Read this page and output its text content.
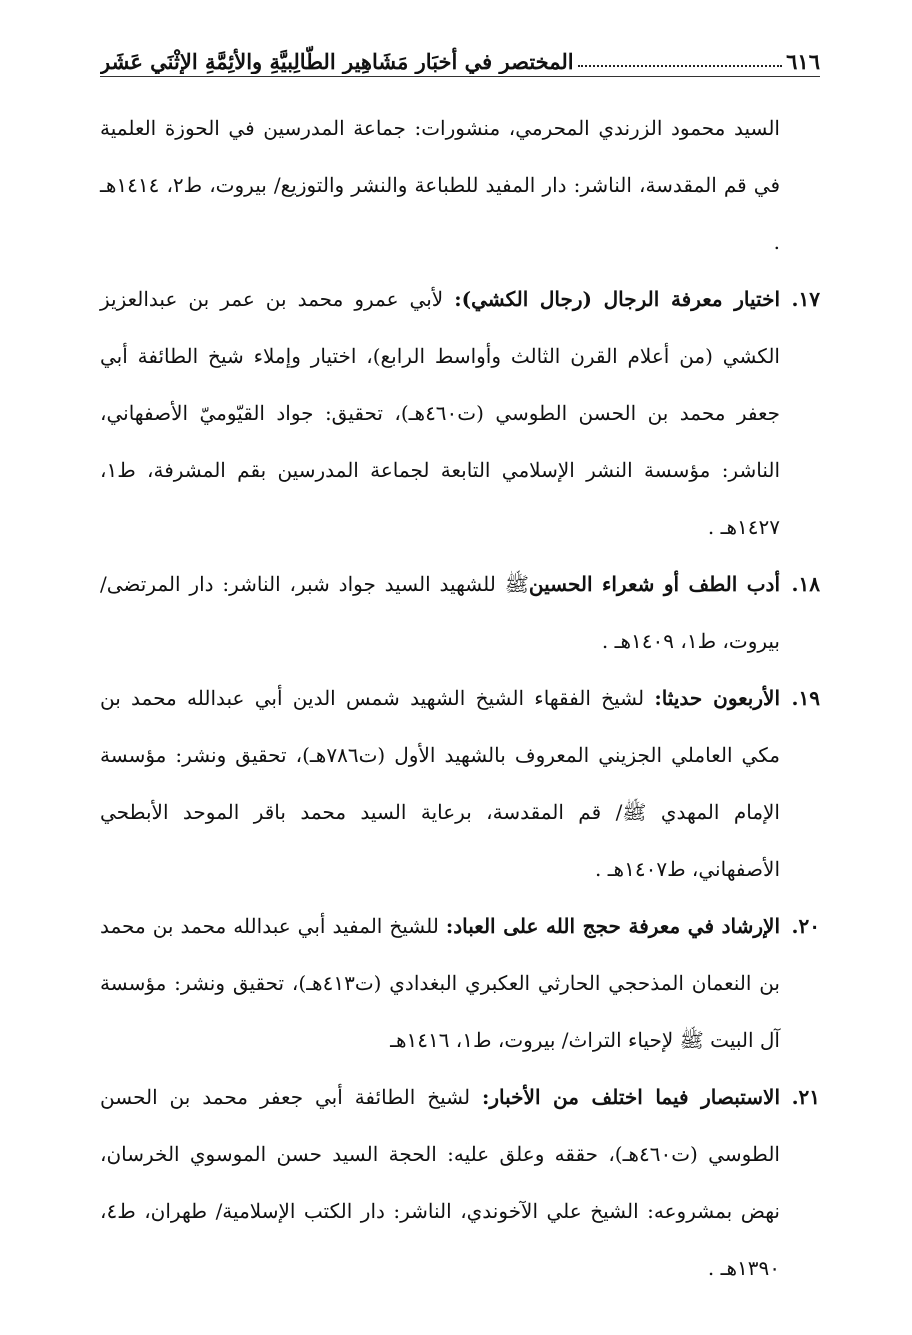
٦١٦
المختصر في أخبَارِ مَشَاهِيرِ الطّالِبيَّةِ والأئِمَّةِ الإثْنَي عَشَر

السيد محمود الزرندي المحرمي، منشورات: جماعة المدرسين في الحوزة العلمية في قم المقدسة، الناشر: دار المفيد للطباعة والنشر والتوزيع/ بيروت، ط٢، ١٤١٤هـ .

١٧.اختيار معرفة الرجال (رجال الكشي): لأبي عمرو محمد بن عمر بن عبدالعزيز الكشي (من أعلام القرن الثالث وأواسط الرابع)، اختيار وإملاء شيخ الطائفة أبي جعفر محمد بن الحسن الطوسي (ت٤٦٠هـ)، تحقيق: جواد القيّوميّ الأصفهاني، الناشر: مؤسسة النشر الإسلامي التابعة لجماعة المدرسين بقم المشرفة، ط١، ١٤٢٧هـ .

١٨.أدب الطف أو شعراء الحسينﷺ للشهيد السيد جواد شبر، الناشر: دار المرتضى/ بيروت، ط١، ١٤٠٩هـ .

١٩.الأربعون حديثا: لشيخ الفقهاء الشيخ الشهيد شمس الدين أبي عبدالله محمد بن مكي العاملي الجزيني المعروف بالشهيد الأول (ت٧٨٦هـ)، تحقيق ونشر: مؤسسة الإمام المهدي ﷺ/ قم المقدسة، برعاية السيد محمد باقر الموحد الأبطحي الأصفهاني، ط١٤٠٧هـ .

٢٠.الإرشاد في معرفة حجج الله على العباد: للشيخ المفيد أبي عبدالله محمد بن محمد بن النعمان المذحجي الحارثي العكبري البغدادي (ت٤١٣هـ)، تحقيق ونشر: مؤسسة آل البيت ﷺ لإحياء التراث/ بيروت، ط١، ١٤١٦هـ

٢١.الاستبصار فيما اختلف من الأخبار: لشيخ الطائفة أبي جعفر محمد بن الحسن الطوسي (ت٤٦٠هـ)، حققه وعلق عليه: الحجة السيد حسن الموسوي الخرسان، نهض بمشروعه: الشيخ علي الآخوندي، الناشر: دار الكتب الإسلامية/ طهران، ط٤، ١٣٩٠هـ .
